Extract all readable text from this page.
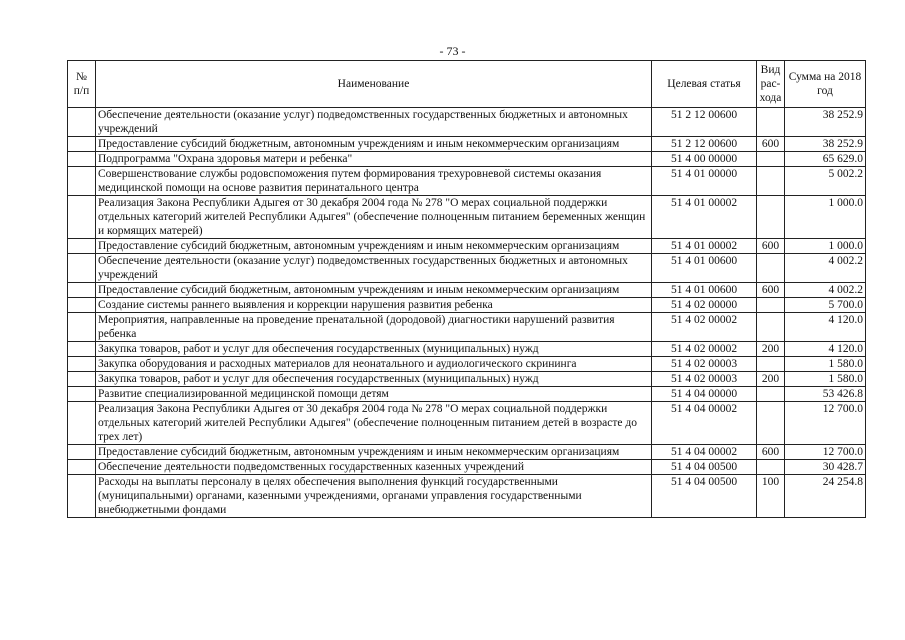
- 73 -
№ п/п	Наименование	Целевая статья	Вид рас-хода	Сумма на 2018 год
	Обеспечение деятельности (оказание услуг) подведомственных государственных бюджетных и автономных учреждений	51 2 12 00600		38 252.9
	Предоставление субсидий бюджетным, автономным учреждениям и иным некоммерческим организациям	51 2 12 00600	600	38 252.9
	Подпрограмма "Охрана здоровья матери и ребенка"	51 4 00 00000		65 629.0
	Совершенствование службы родовспоможения путем формирования трехуровневой системы оказания медицинской помощи на основе развития перинатального центра	51 4 01 00000		5 002.2
	Реализация Закона Республики Адыгея от 30 декабря 2004 года № 278 "О мерах социальной поддержки отдельных категорий жителей Республики Адыгея" (обеспечение полноценным питанием беременных женщин и кормящих матерей)	51 4 01 00002		1 000.0
	Предоставление субсидий бюджетным, автономным учреждениям и иным некоммерческим организациям	51 4 01 00002	600	1 000.0
	Обеспечение деятельности (оказание услуг) подведомственных государственных бюджетных и автономных учреждений	51 4 01 00600		4 002.2
	Предоставление субсидий бюджетным, автономным учреждениям и иным некоммерческим организациям	51 4 01 00600	600	4 002.2
	Создание системы раннего выявления и коррекции нарушения развития ребенка	51 4 02 00000		5 700.0
	Мероприятия, направленные на проведение пренатальной (дородовой) диагностики нарушений развития ребенка	51 4 02 00002		4 120.0
	Закупка товаров, работ и услуг для обеспечения государственных (муниципальных) нужд	51 4 02 00002	200	4 120.0
	Закупка оборудования и расходных материалов для неонатального и аудиологического скрининга	51 4 02 00003		1 580.0
	Закупка товаров, работ и услуг для обеспечения государственных (муниципальных) нужд	51 4 02 00003	200	1 580.0
	Развитие специализированной медицинской помощи детям	51 4 04 00000		53 426.8
	Реализация Закона Республики Адыгея от 30 декабря 2004 года № 278 "О мерах социальной поддержки отдельных категорий жителей Республики Адыгея" (обеспечение полноценным питанием детей в возрасте до трех лет)	51 4 04 00002		12 700.0
	Предоставление субсидий бюджетным, автономным учреждениям и иным некоммерческим организациям	51 4 04 00002	600	12 700.0
	Обеспечение деятельности подведомственных государственных казенных учреждений	51 4 04 00500		30 428.7
	Расходы на выплаты персоналу в целях обеспечения выполнения функций государственными (муниципальными) органами, казенными учреждениями, органами управления государственными внебюджетными фондами	51 4 04 00500	100	24 254.8
